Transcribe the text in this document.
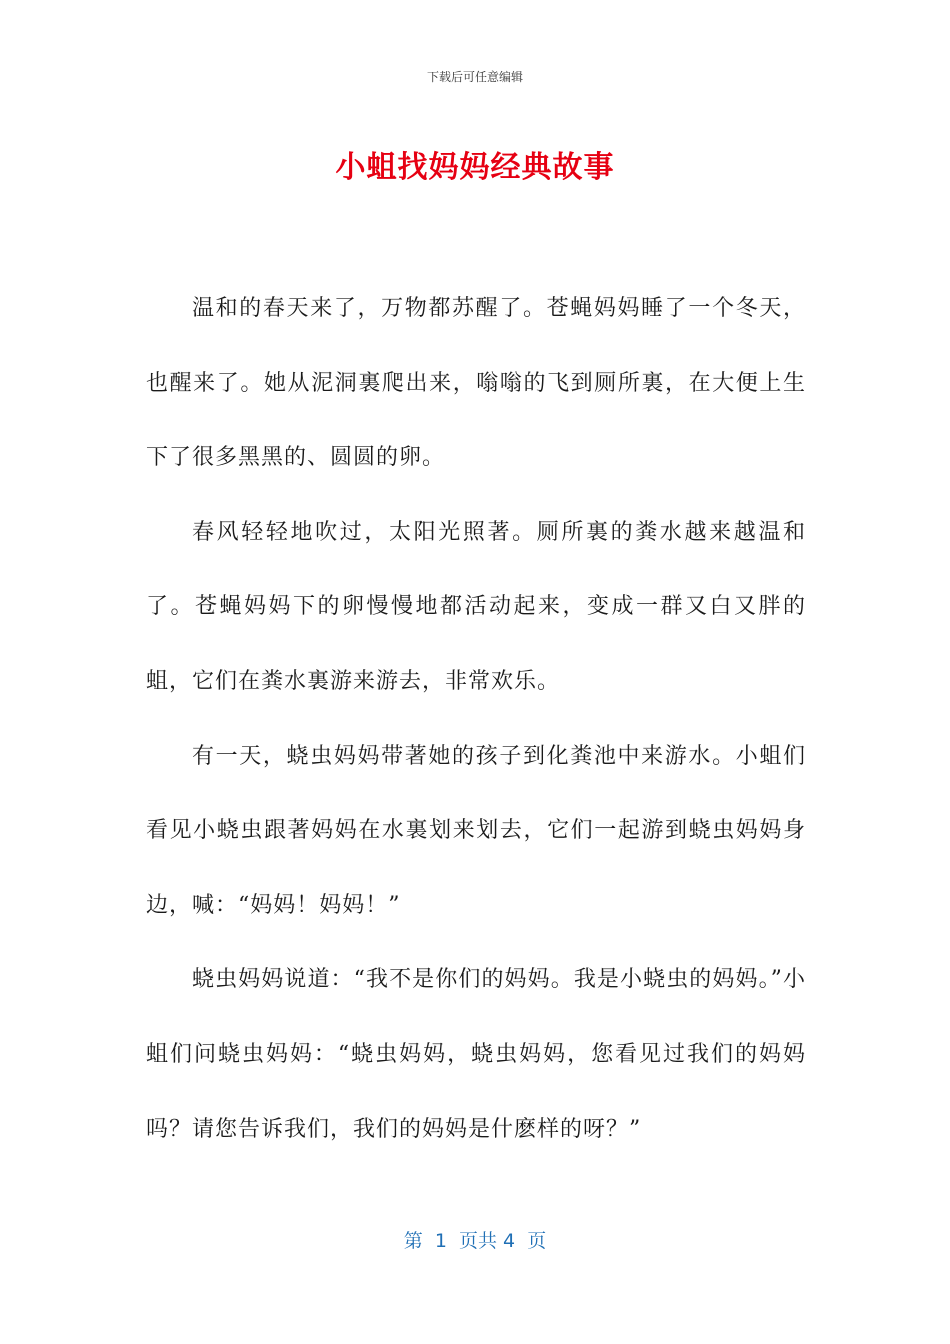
下载后可任意编辑
小蛆找妈妈经典故事

温和的春天来了，万物都苏醒了。苍蝇妈妈睡了一个冬天，也醒来了。她从泥洞裏爬出来，嗡嗡的飞到厕所裏，在大便上生下了很多黑黑的、圆圆的卵。

春风轻轻地吹过，太阳光照著。厕所裏的粪水越来越温和了。苍蝇妈妈下的卵慢慢地都活动起来，变成一群又白又胖的蛆，它们在粪水裏游来游去，非常欢乐。

有一天，蛲虫妈妈带著她的孩子到化粪池中来游水。小蛆们看见小蛲虫跟著妈妈在水裏划来划去，它们一起游到蛲虫妈妈身边，喊：“妈妈！妈妈！”

蛲虫妈妈说道：“我不是你们的妈妈。我是小蛲虫的妈妈。”小蛆们问蛲虫妈妈：“蛲虫妈妈，蛲虫妈妈，您看见过我们的妈妈吗？请您告诉我们，我们的妈妈是什麽样的呀？”

第  1  页共 4  页
